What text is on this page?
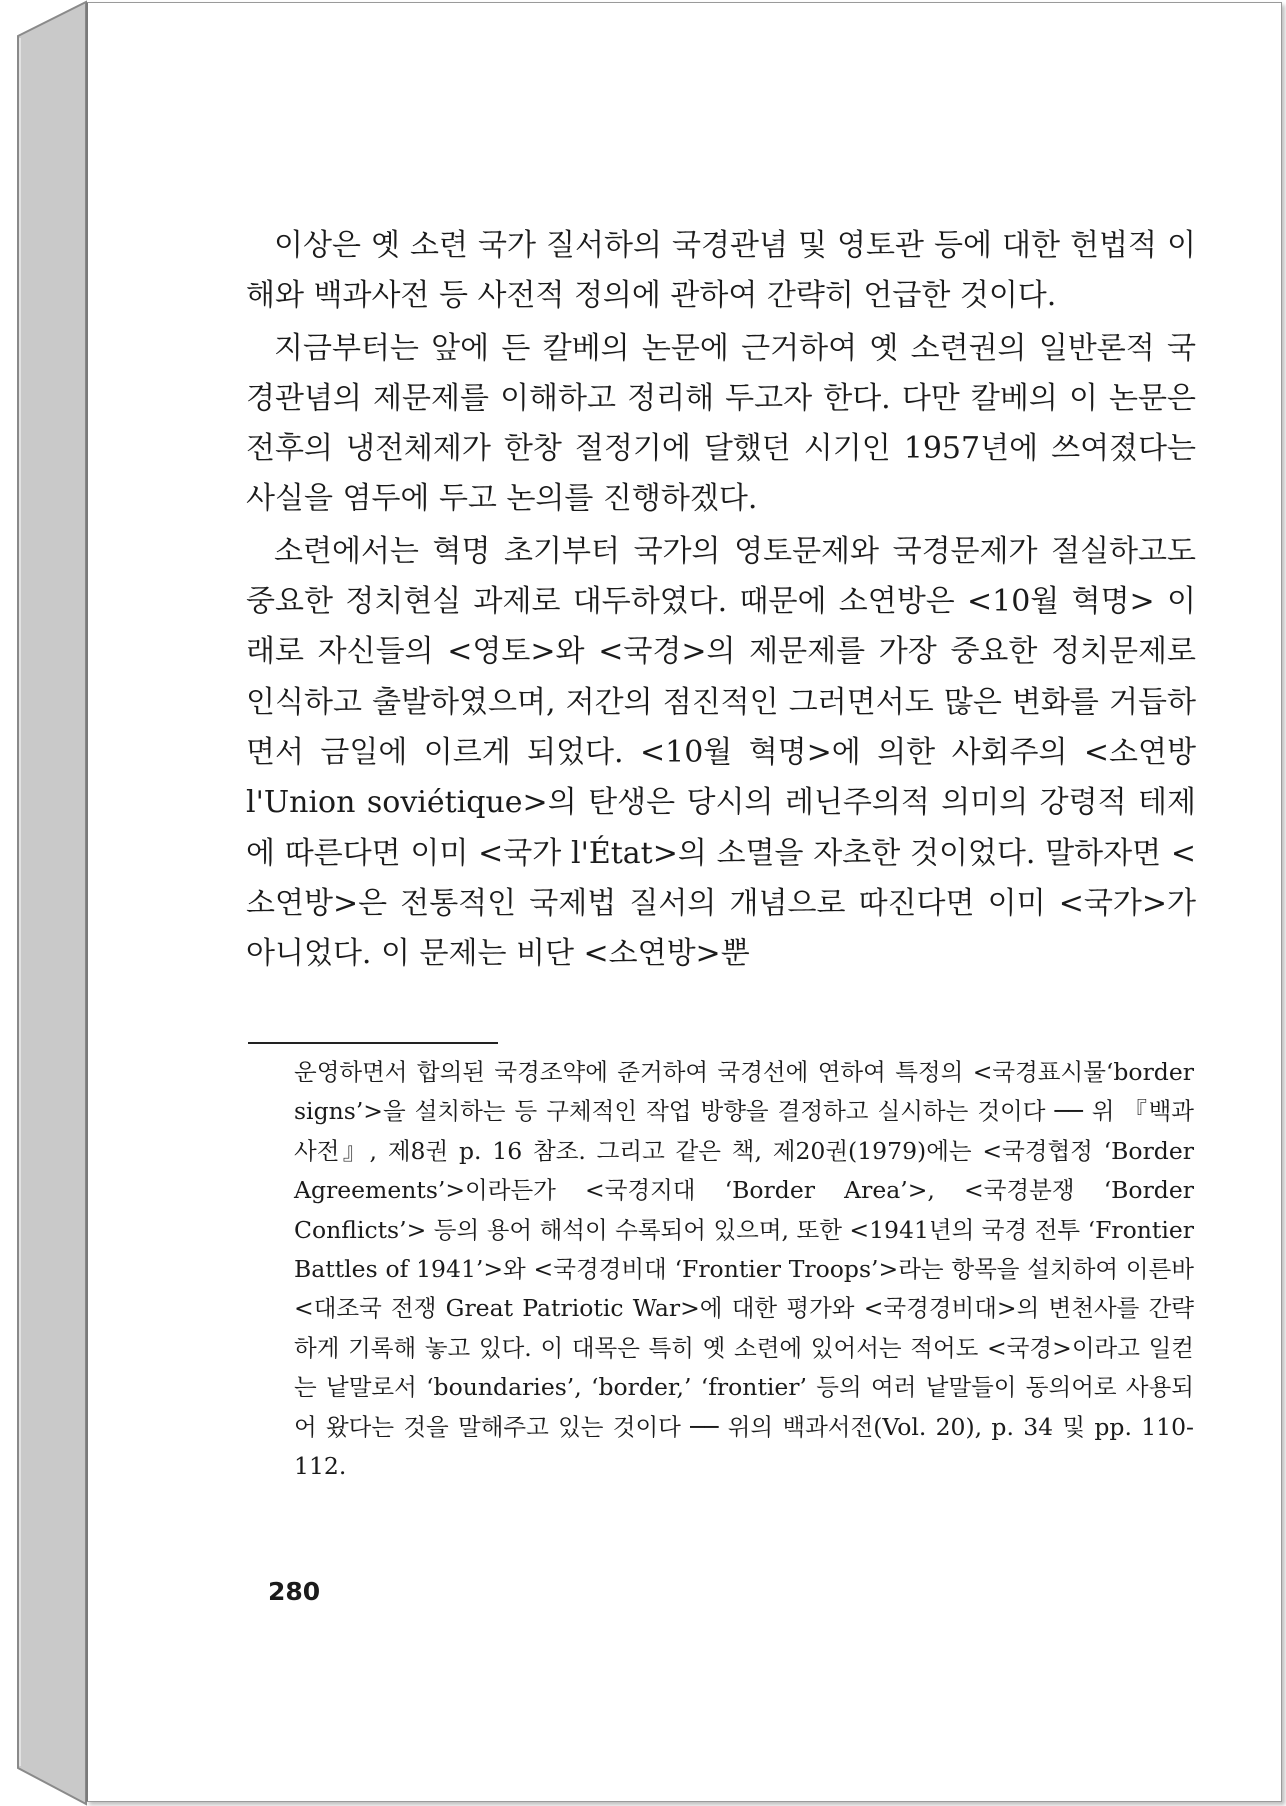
이상은 옛 소련 국가 질서하의 국경관념 및 영토관 등에 대한 헌법적 이해와 백과사전 등 사전적 정의에 관하여 간략히 언급한 것이다.

지금부터는 앞에 든 칼베의 논문에 근거하여 옛 소련권의 일반론적 국경관념의 제문제를 이해하고 정리해 두고자 한다. 다만 칼베의 이 논문은 전후의 냉전체제가 한창 절정기에 달했던 시기인 1957년에 쓰여졌다는 사실을 염두에 두고 논의를 진행하겠다.

소련에서는 혁명 초기부터 국가의 영토문제와 국경문제가 절실하고도 중요한 정치현실 과제로 대두하였다. 때문에 소연방은 <10월 혁명> 이래로 자신들의 <영토>와 <국경>의 제문제를 가장 중요한 정치문제로 인식하고 출발하였으며, 저간의 점진적인 그러면서도 많은 변화를 거듭하면서 금일에 이르게 되었다. <10월 혁명>에 의한 사회주의 <소연방 l'Union soviétique>의 탄생은 당시의 레닌주의적 의미의 강령적 테제에 따른다면 이미 <국가 l'État>의 소멸을 자초한 것이었다. 말하자면 <소연방>은 전통적인 국제법 질서의 개념으로 따진다면 이미 <국가>가 아니었다. 이 문제는 비단 <소연방>뿐

운영하면서 합의된 국경조약에 준거하여 국경선에 연하여 특정의 <국경표시물‘border signs’>을 설치하는 등 구체적인 작업 방향을 결정하고 실시하는 것이다 ── 위 『백과사전』, 제8권 p. 16 참조. 그리고 같은 책, 제20권(1979)에는 <국경협정 ‘Border Agreements’>이라든가 <국경지대 ‘Border Area’>, <국경분쟁 ‘Border Conflicts’> 등의 용어 해석이 수록되어 있으며, 또한 <1941년의 국경 전투 ‘Frontier Battles of 1941’>와 <국경경비대 ‘Frontier Troops’>라는 항목을 설치하여 이른바 <대조국 전쟁 Great Patriotic War>에 대한 평가와 <국경경비대>의 변천사를 간략하게 기록해 놓고 있다. 이 대목은 특히 옛 소련에 있어서는 적어도 <국경>이라고 일컫는 낱말로서 ‘boundaries’, ‘border,’ ‘frontier’ 등의 여러 낱말들이 동의어로 사용되어 왔다는 것을 말해주고 있는 것이다 ── 위의 백과서전(Vol. 20), p. 34 및 pp. 110-112.

280
